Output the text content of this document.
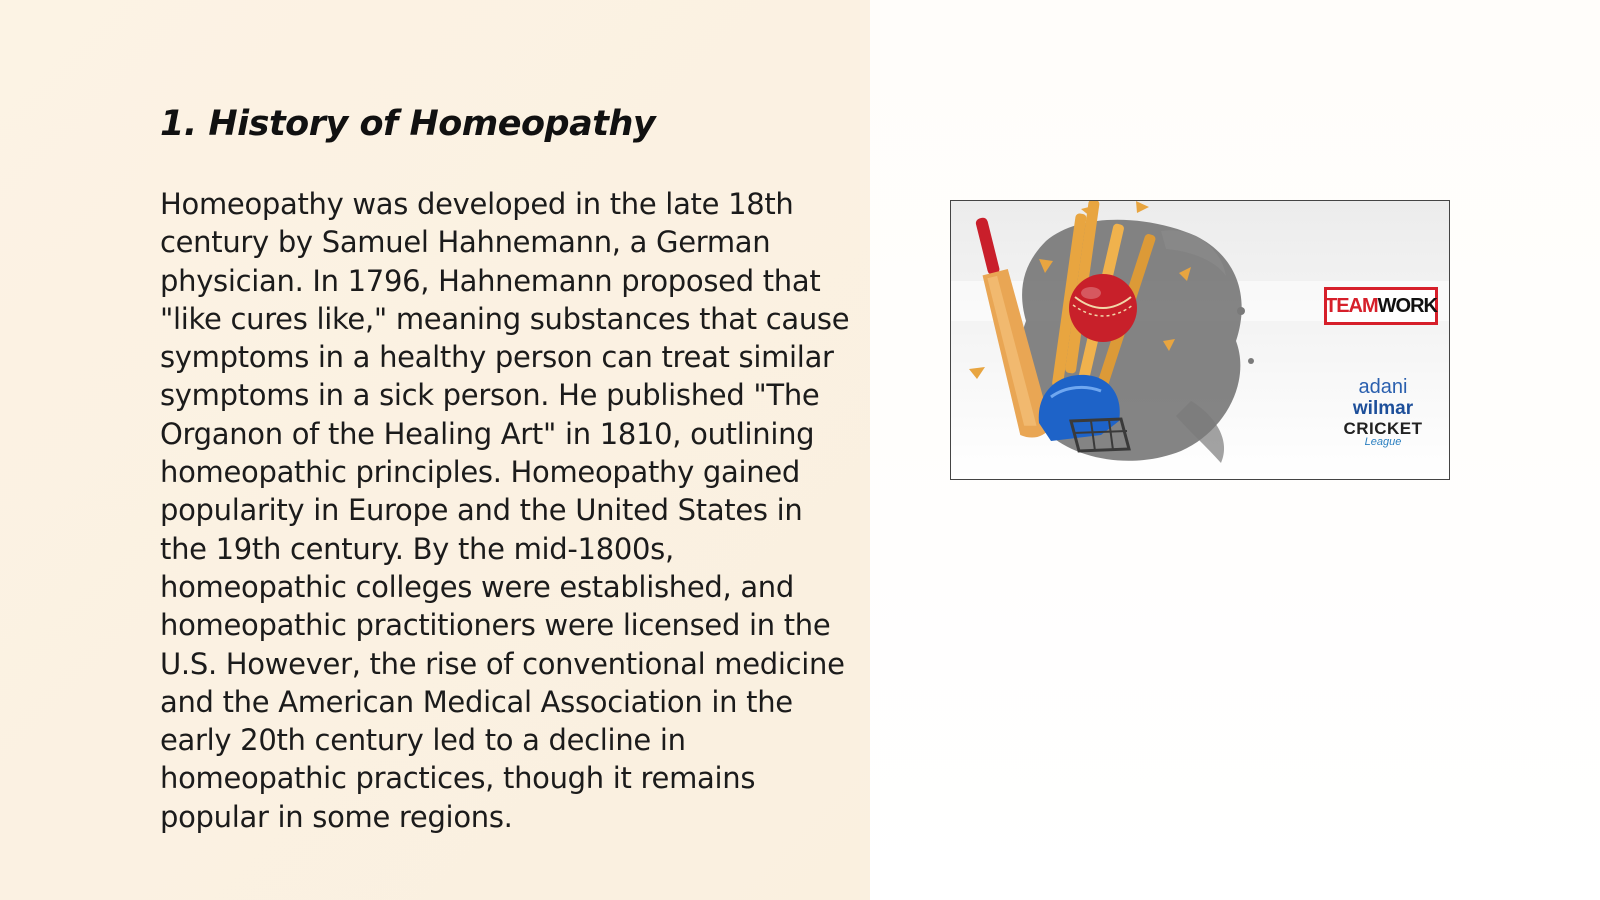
1. History of Homeopathy

Homeopathy was developed in the late 18th century by Samuel Hahnemann, a German physician. In 1796, Hahnemann proposed that "like cures like," meaning substances that cause symptoms in a healthy person can treat similar symptoms in a sick person. He published "The Organon of the Healing Art" in 1810, outlining homeopathic principles. Homeopathy gained popularity in Europe and the United States in the 19th century. By the mid-1800s, homeopathic colleges were established, and homeopathic practitioners were licensed in the U.S. However, the rise of conventional medicine and the American Medical Association in the early 20th century led to a decline in homeopathic practices, though it remains popular in some regions.

TEAM WORK
adani
wilmar
CRICKET
League
